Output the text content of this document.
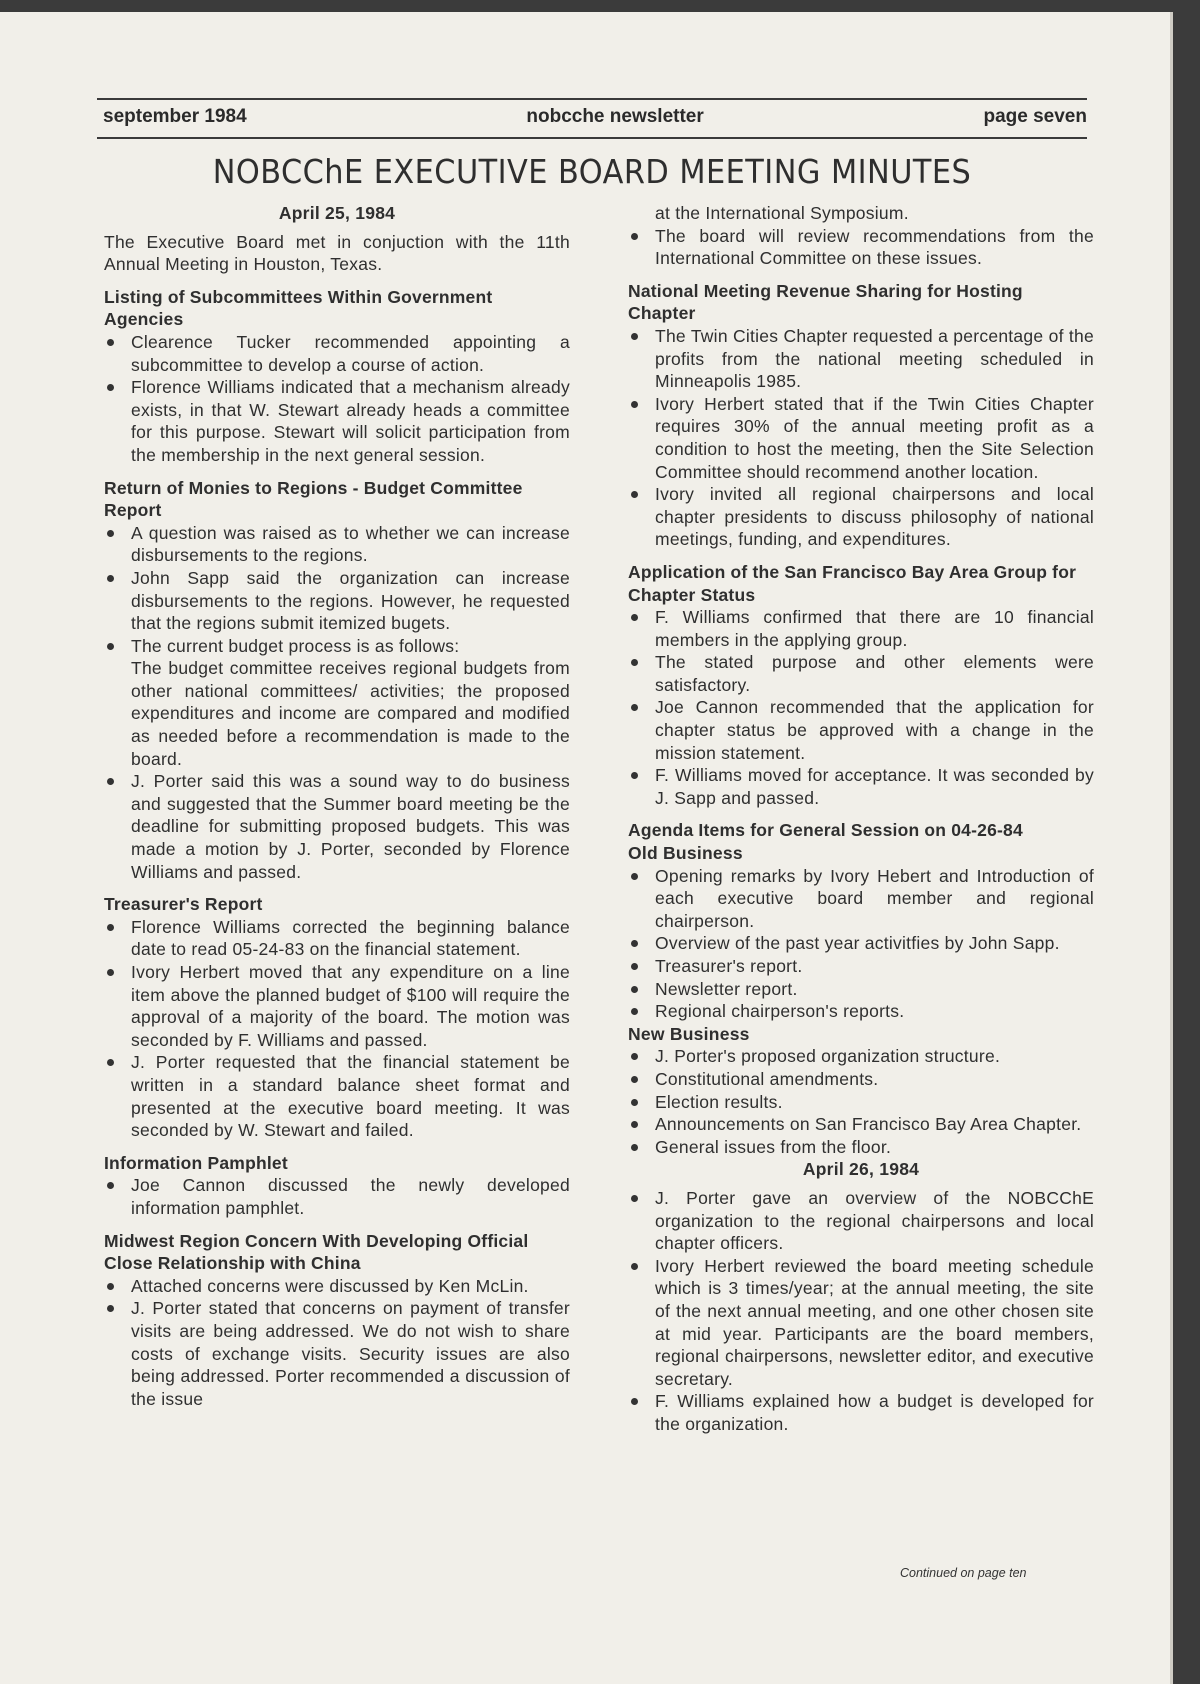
september 1984	nobcche newsletter	page seven
NOBCChE EXECUTIVE BOARD MEETING MINUTES
April 25, 1984
The Executive Board met in conjuction with the 11th Annual Meeting in Houston, Texas.
Listing of Subcommittees Within Government Agencies
Clearence Tucker recommended appointing a subcommittee to develop a course of action.
Florence Williams indicated that a mechanism already exists, in that W. Stewart already heads a committee for this purpose. Stewart will solicit participation from the membership in the next general session.
Return of Monies to Regions - Budget Committee Report
A question was raised as to whether we can increase disbursements to the regions.
John Sapp said the organization can increase disbursements to the regions. However, he requested that the regions submit itemized bugets.
The current budget process is as follows:
The budget committee receives regional budgets from other national committees/ activities; the proposed expenditures and income are compared and modified as needed before a recommendation is made to the board.
J. Porter said this was a sound way to do business and suggested that the Summer board meeting be the deadline for submitting proposed budgets. This was made a motion by J. Porter, seconded by Florence Williams and passed.
Treasurer's Report
Florence Williams corrected the beginning balance date to read 05-24-83 on the financial statement.
Ivory Herbert moved that any expenditure on a line item above the planned budget of $100 will require the approval of a majority of the board. The motion was seconded by F. Williams and passed.
J. Porter requested that the financial statement be written in a standard balance sheet format and presented at the executive board meeting. It was seconded by W. Stewart and failed.
Information Pamphlet
Joe Cannon discussed the newly developed information pamphlet.
Midwest Region Concern With Developing Official Close Relationship with China
Attached concerns were discussed by Ken McLin.
J. Porter stated that concerns on payment of transfer visits are being addressed. We do not wish to share costs of exchange visits. Security issues are also being addressed. Porter recommended a discussion of the issue
at the International Symposium.
The board will review recommendations from the International Committee on these issues.
National Meeting Revenue Sharing for Hosting Chapter
The Twin Cities Chapter requested a percentage of the profits from the national meeting scheduled in Minneapolis 1985.
Ivory Herbert stated that if the Twin Cities Chapter requires 30% of the annual meeting profit as a condition to host the meeting, then the Site Selection Committee should recommend another location.
Ivory invited all regional chairpersons and local chapter presidents to discuss philosophy of national meetings, funding, and expenditures.
Application of the San Francisco Bay Area Group for Chapter Status
F. Williams confirmed that there are 10 financial members in the applying group.
The stated purpose and other elements were satisfactory.
Joe Cannon recommended that the application for chapter status be approved with a change in the mission statement.
F. Williams moved for acceptance. It was seconded by J. Sapp and passed.
Agenda Items for General Session on 04-26-84
Old Business
Opening remarks by Ivory Hebert and Introduction of each executive board member and regional chairperson.
Overview of the past year activitfies by John Sapp.
Treasurer's report.
Newsletter report.
Regional chairperson's reports.
New Business
J. Porter's proposed organization structure.
Constitutional amendments.
Election results.
Announcements on San Francisco Bay Area Chapter.
General issues from the floor.
April 26, 1984
J. Porter gave an overview of the NOBCChE organization to the regional chairpersons and local chapter officers.
Ivory Herbert reviewed the board meeting schedule which is 3 times/year; at the annual meeting, the site of the next annual meeting, and one other chosen site at mid year. Participants are the board members, regional chairpersons, newsletter editor, and executive secretary.
F. Williams explained how a budget is developed for the organization.
Continued on page ten
